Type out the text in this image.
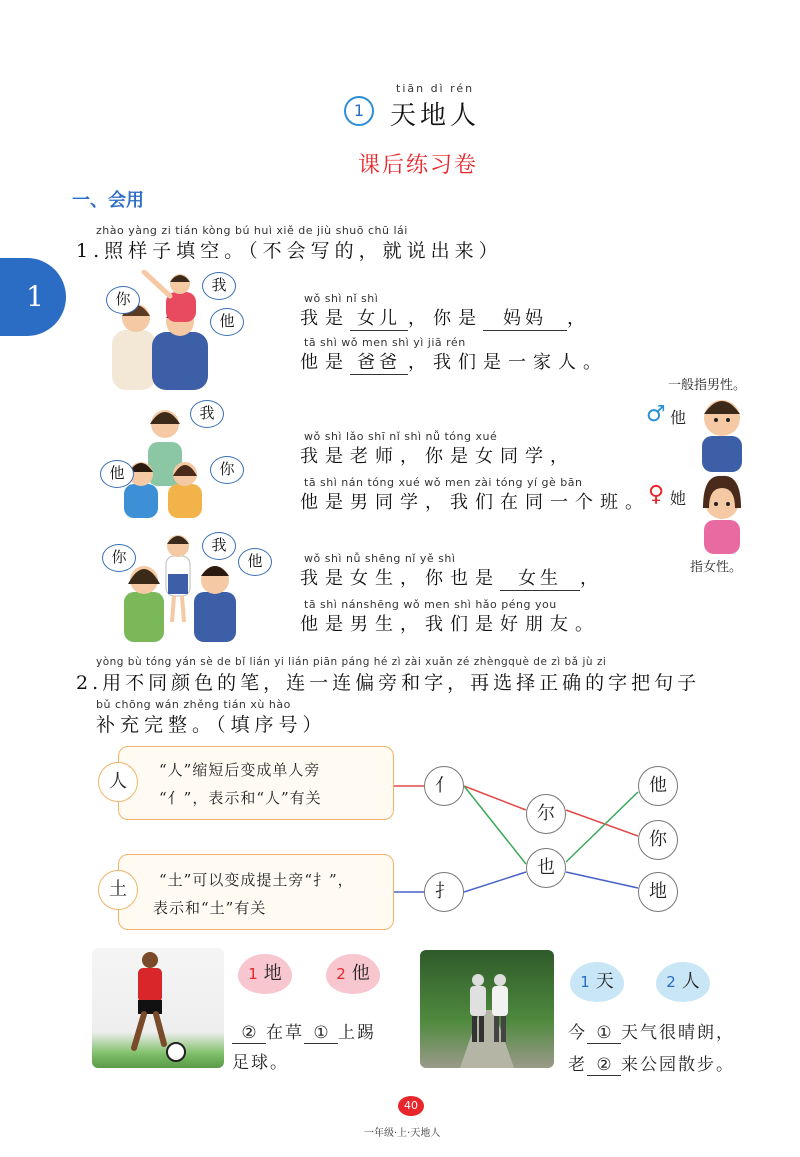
1
tiān dì rén
天地人
课后练习卷
1
一、会用
zhào yàng zi tián kòng bú huì xiě de jiù shuō chū lái
1.照样子填空。（不会写的，就说出来）
你
我
他
wǒ shì nǐ shì
我是 女儿 ，你是 妈妈 ，
tā shì wǒ men shì yì jiā rén
他是 爸爸 ，我们是一家人。
一般指男性。
♂ 他
♀ 她
指女性。
我
他	你
wǒ shì lǎo shī nǐ shì nǚ tóng xué
我是老师，你是女同学，
tā shì nán tóng xué wǒ men zài tóng yí gè bān
他是男同学，我们在同一个班。
你
我
他	wǒ shì nǚ shēng nǐ yě shì
我是女生，你也是 女生 ，
tā shì nánshēng wǒ men shì hǎo péng you
他是男生，我们是好朋友。
yòng bù tóng yán sè de bǐ lián yi lián piān páng hé zì zài xuǎn zé zhèngquè de zì bǎ jù zi
2.用不同颜色的笔，连一连偏旁和字，再选择正确的字把句子
bǔ chōng wán zhěng tián xù hào
补充完整。（填序号）
“人”缩短后变成单人旁
“亻”，表示和“人”有关
人
“土”可以变成提土旁“扌”，
表示和“土”有关
土
亻
扌
尔
也
他
你
地
1 地	2 他
② 在草 ① 上踢
足球。
1 天	2 人
今 ① 天气很晴朗，
老 ② 来公园散步。
40
一年级·上·天地人
